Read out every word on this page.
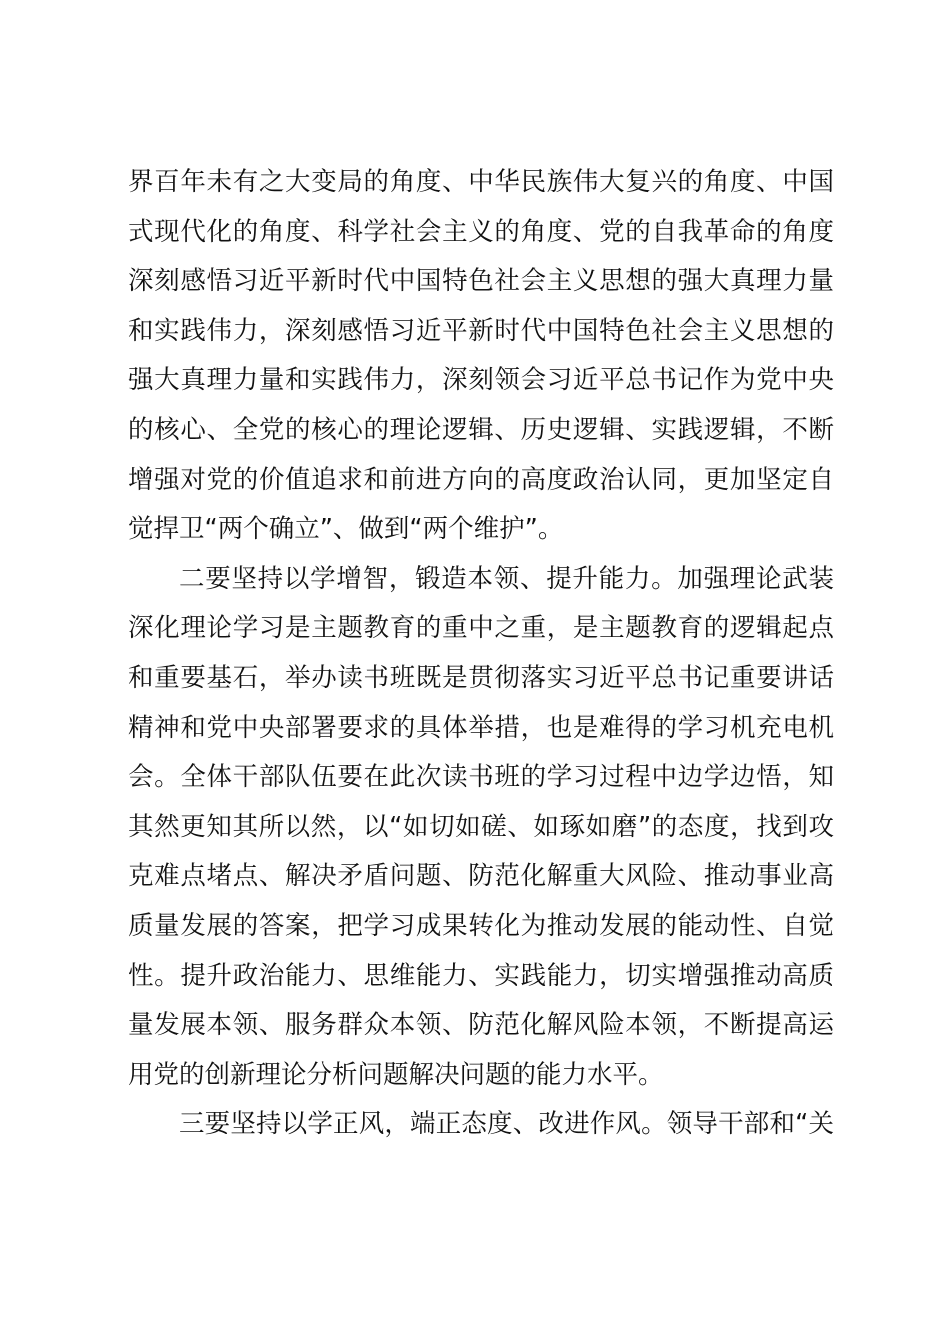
界百年未有之大变局的角度、中华民族伟大复兴的角度、中国
式现代化的角度、科学社会主义的角度、党的自我革命的角度
深刻感悟习近平新时代中国特色社会主义思想的强大真理力量
和实践伟力，深刻感悟习近平新时代中国特色社会主义思想的
强大真理力量和实践伟力，深刻领会习近平总书记作为党中央
的核心、全党的核心的理论逻辑、历史逻辑、实践逻辑，不断
增强对党的价值追求和前进方向的高度政治认同，更加坚定自
觉捍卫“两个确立”、做到“两个维护”。
二要坚持以学增智，锻造本领、提升能力。加强理论武装
深化理论学习是主题教育的重中之重，是主题教育的逻辑起点
和重要基石，举办读书班既是贯彻落实习近平总书记重要讲话
精神和党中央部署要求的具体举措，也是难得的学习机充电机
会。全体干部队伍要在此次读书班的学习过程中边学边悟，知
其然更知其所以然，以“如切如磋、如琢如磨”的态度，找到攻
克难点堵点、解决矛盾问题、防范化解重大风险、推动事业高
质量发展的答案，把学习成果转化为推动发展的能动性、自觉
性。提升政治能力、思维能力、实践能力，切实增强推动高质
量发展本领、服务群众本领、防范化解风险本领，不断提高运
用党的创新理论分析问题解决问题的能力水平。
三要坚持以学正风，端正态度、改进作风。领导干部和“关
